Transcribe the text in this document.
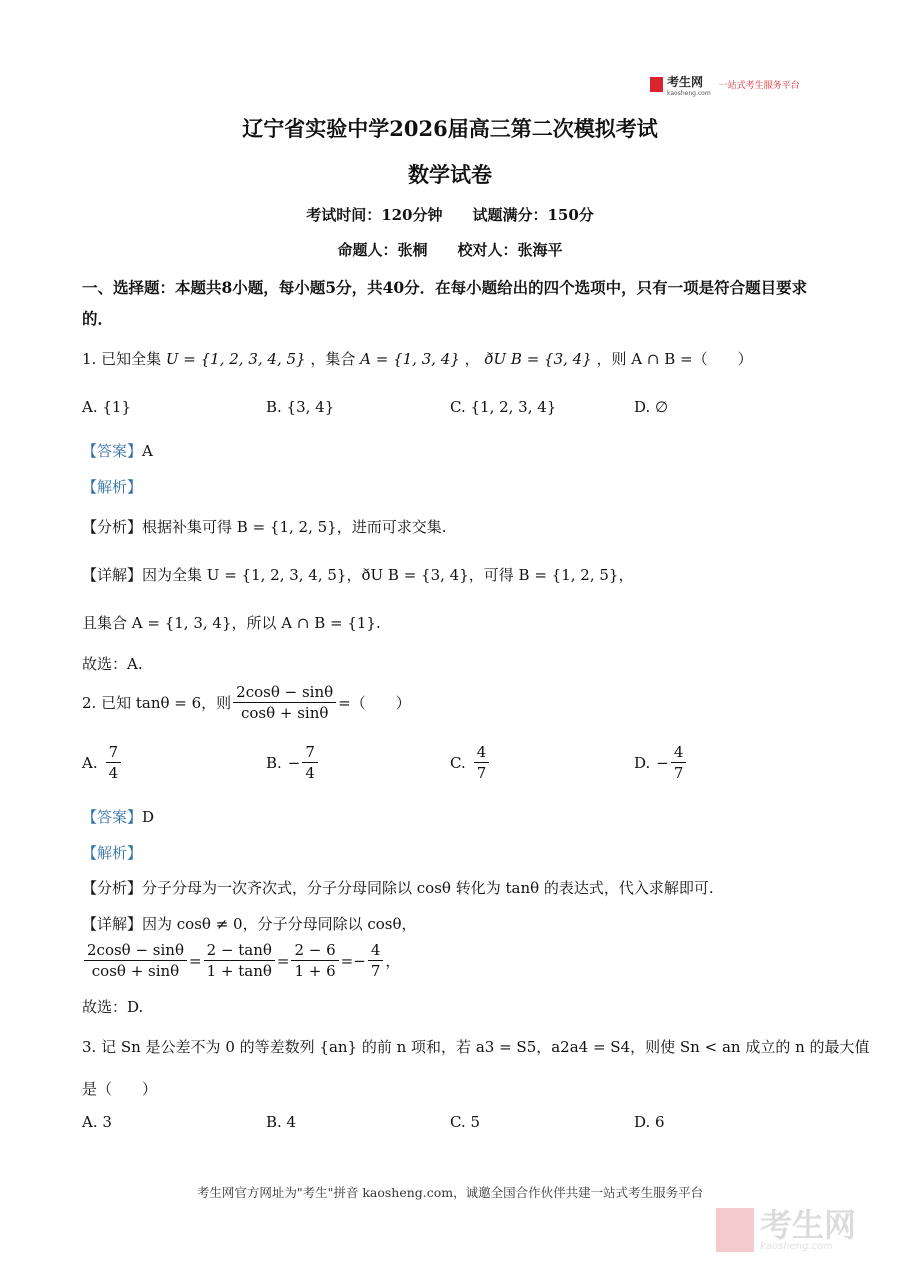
考生网
kaosheng.com
一站式考生服务平台
辽宁省实验中学2026届高三第二次模拟考试
数学试卷
考试时间：120分钟　　试题满分：150分
命题人：张桐　　校对人：张海平
一、选择题：本题共8小题，每小题5分，共40分．在每小题给出的四个选项中，只有一项是符合题目要求的．
1. 已知全集 U = {1, 2, 3, 4, 5} ，集合 A = {1, 3, 4} ， ðU B = {3, 4} ，则 A ∩ B =（　　）
A. {1}	B. {3, 4}	C. {1, 2, 3, 4}	D. ∅
【答案】A
【解析】
【分析】根据补集可得 B = {1, 2, 5}，进而可求交集.
【详解】因为全集 U = {1, 2, 3, 4, 5}，ðU B = {3, 4}，可得 B = {1, 2, 5}，
且集合 A = {1, 3, 4}，所以 A ∩ B = {1}.
故选：A.
2. 已知 tanθ = 6，则 $\frac{2\cos\theta - \sin\theta}{\cos\theta + \sin\theta}$ =（　　）
A. $\frac{7}{4}$	B. − $\frac{7}{4}$	C. $\frac{4}{7}$	D. − $\frac{4}{7}$
【答案】D
【解析】
【分析】分子分母为一次齐次式，分子分母同除以 cosθ 转化为 tanθ 的表达式，代入求解即可.
【详解】因为 cosθ ≠ 0，分子分母同除以 cosθ，
$\frac{2\cos\theta - \sin\theta}{\cos\theta + \sin\theta} = \frac{2 - \tan\theta}{1 + \tan\theta} = \frac{2 - 6}{1 + 6}$ = − $\frac{4}{7}$ ，
故选：D.
3. 记 Sn 是公差不为 0 的等差数列 {an} 的前 n 项和，若 a3 = S5，a2a4 = S4，则使 Sn < an 成立的 n 的最大值
是（　　）
A. 3	B. 4	C. 5	D. 6
考生网官方网址为"考生"拼音 kaosheng.com，诚邀全国合作伙伴共建一站式考生服务平台
考生网
kaosheng.com
